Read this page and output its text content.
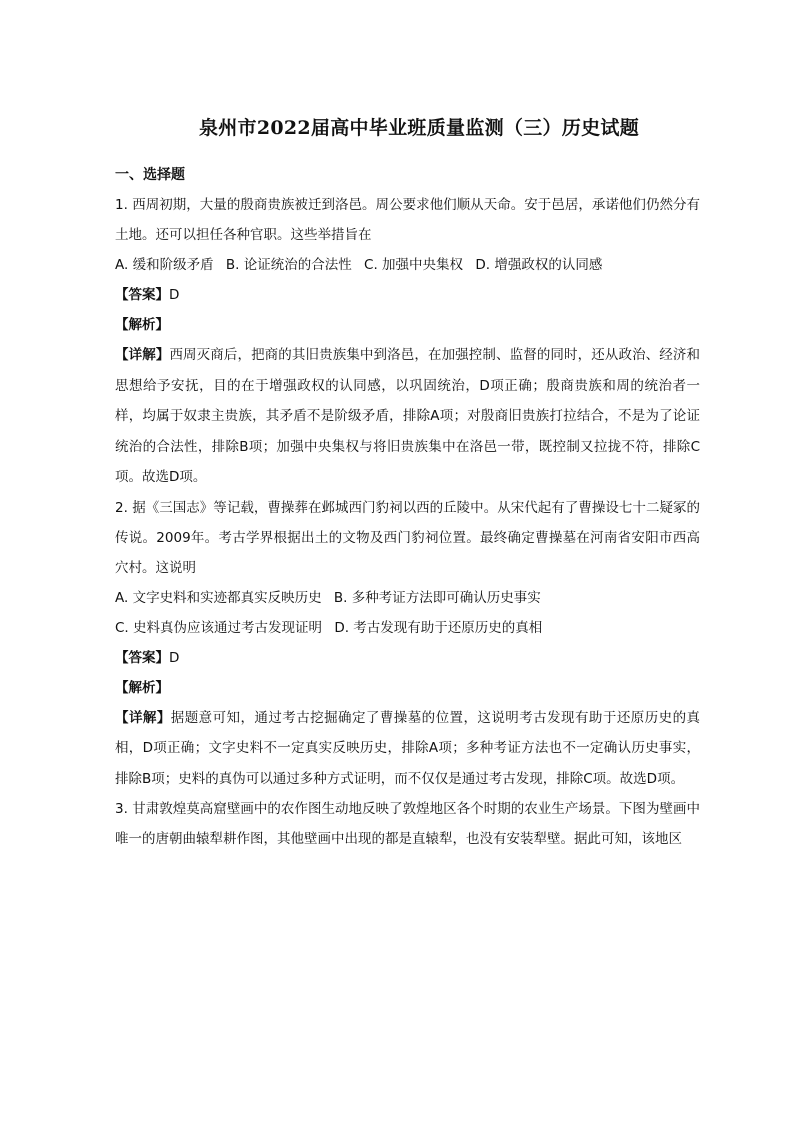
泉州市2022届高中毕业班质量监测（三）历史试题

一、选择题

1. 西周初期，大量的殷商贵族被迁到洛邑。周公要求他们顺从天命。安于邑居，承诺他们仍然分有土地。还可以担任各种官职。这些举措旨在

A. 缓和阶级矛盾 B. 论证统治的合法性 C. 加强中央集权 D. 增强政权的认同感

【答案】D

【解析】

【详解】西周灭商后，把商的其旧贵族集中到洛邑，在加强控制、监督的同时，还从政治、经济和思想给予安抚，目的在于增强政权的认同感，以巩固统治，D项正确；殷商贵族和周的统治者一样，均属于奴隶主贵族，其矛盾不是阶级矛盾，排除A项；对殷商旧贵族打拉结合，不是为了论证统治的合法性，排除B项；加强中央集权与将旧贵族集中在洛邑一带，既控制又拉拢不符，排除C项。故选D项。

2. 据《三国志》等记载，曹操葬在邺城西门豹祠以西的丘陵中。从宋代起有了曹操设七十二疑冢的传说。2009年。考古学界根据出土的文物及西门豹祠位置。最终确定曹操墓在河南省安阳市西高穴村。这说明

A. 文字史料和实迹都真实反映历史 B. 多种考证方法即可确认历史事实

C. 史料真伪应该通过考古发现证明 D. 考古发现有助于还原历史的真相

【答案】D

【解析】

【详解】据题意可知，通过考古挖掘确定了曹操墓的位置，这说明考古发现有助于还原历史的真相，D项正确；文字史料不一定真实反映历史，排除A项；多种考证方法也不一定确认历史事实，排除B项；史料的真伪可以通过多种方式证明，而不仅仅是通过考古发现，排除C项。故选D项。

3. 甘肃敦煌莫高窟壁画中的农作图生动地反映了敦煌地区各个时期的农业生产场景。下图为壁画中唯一的唐朝曲辕犁耕作图，其他壁画中出现的都是直辕犁，也没有安装犁壁。据此可知，该地区
